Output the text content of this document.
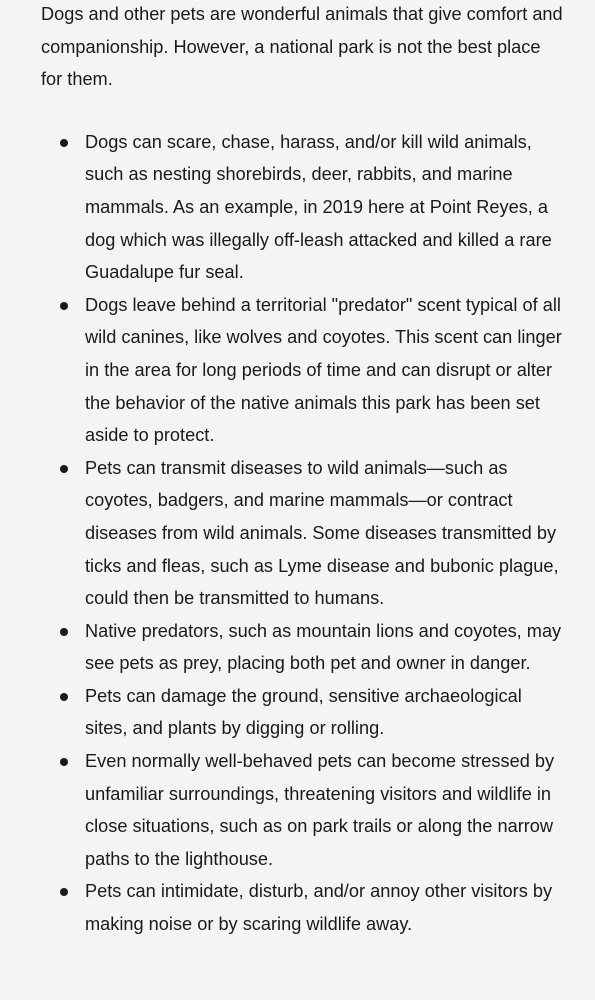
Dogs and other pets are wonderful animals that give comfort and companionship. However, a national park is not the best place for them.

Dogs can scare, chase, harass, and/or kill wild animals, such as nesting shorebirds, deer, rabbits, and marine mammals. As an example, in 2019 here at Point Reyes, a dog which was illegally off-leash attacked and killed a rare Guadalupe fur seal.
Dogs leave behind a territorial "predator" scent typical of all wild canines, like wolves and coyotes. This scent can linger in the area for long periods of time and can disrupt or alter the behavior of the native animals this park has been set aside to protect.
Pets can transmit diseases to wild animals—such as coyotes, badgers, and marine mammals—or contract diseases from wild animals. Some diseases transmitted by ticks and fleas, such as Lyme disease and bubonic plague, could then be transmitted to humans.
Native predators, such as mountain lions and coyotes, may see pets as prey, placing both pet and owner in danger.
Pets can damage the ground, sensitive archaeological sites, and plants by digging or rolling.
Even normally well-behaved pets can become stressed by unfamiliar surroundings, threatening visitors and wildlife in close situations, such as on park trails or along the narrow paths to the lighthouse.
Pets can intimidate, disturb, and/or annoy other visitors by making noise or by scaring wildlife away.
